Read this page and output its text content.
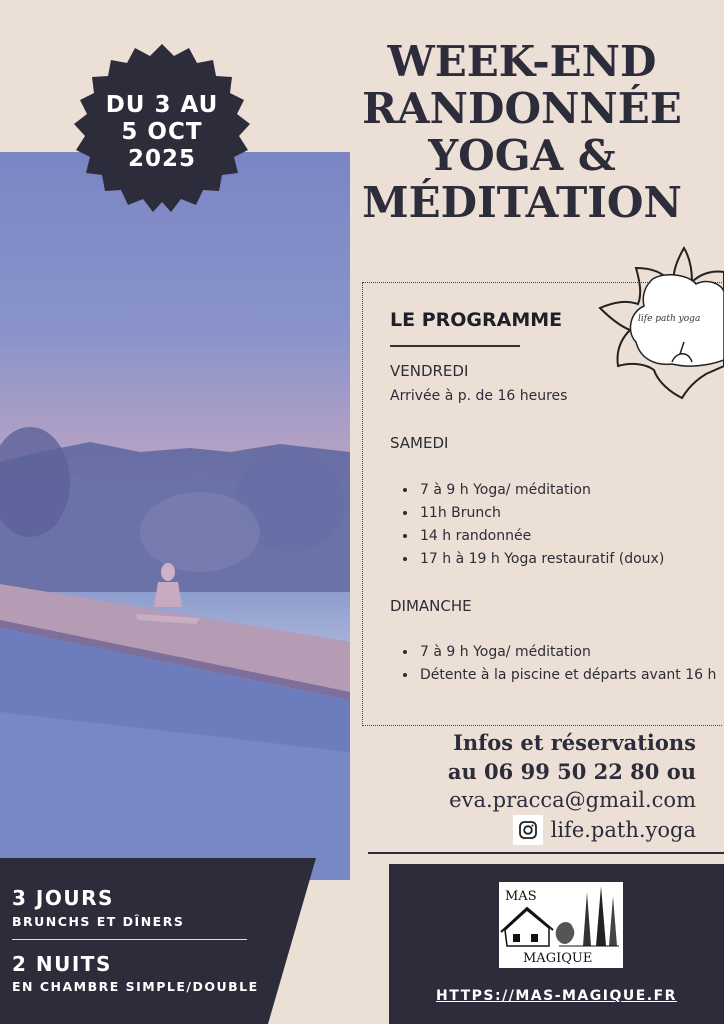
DU 3 AU
5 OCT
2025
WEEK-END
RANDONNÉE
YOGA &
MÉDITATION
LE PROGRAMME
VENDREDI
Arrivée à p. de 16 heures
SAMEDI
• 7 à 9 h Yoga/ méditation
• 11h Brunch
• 14 h randonnée
• 17 h à 19 h Yoga restauratif (doux)
DIMANCHE
• 7 à 9 h Yoga/ méditation
• Détente à la piscine et départs avant 16 h
life path yoga
Infos et réservations
au 06 99 50 22 80 ou
eva.pracca@gmail.com
life.path.yoga
3 JOURS
BRUNCHS ET DÎNERS
2 NUITS
EN CHAMBRE SIMPLE/DOUBLE
MAS
MAGIQUE
HTTPS://MAS-MAGIQUE.FR
